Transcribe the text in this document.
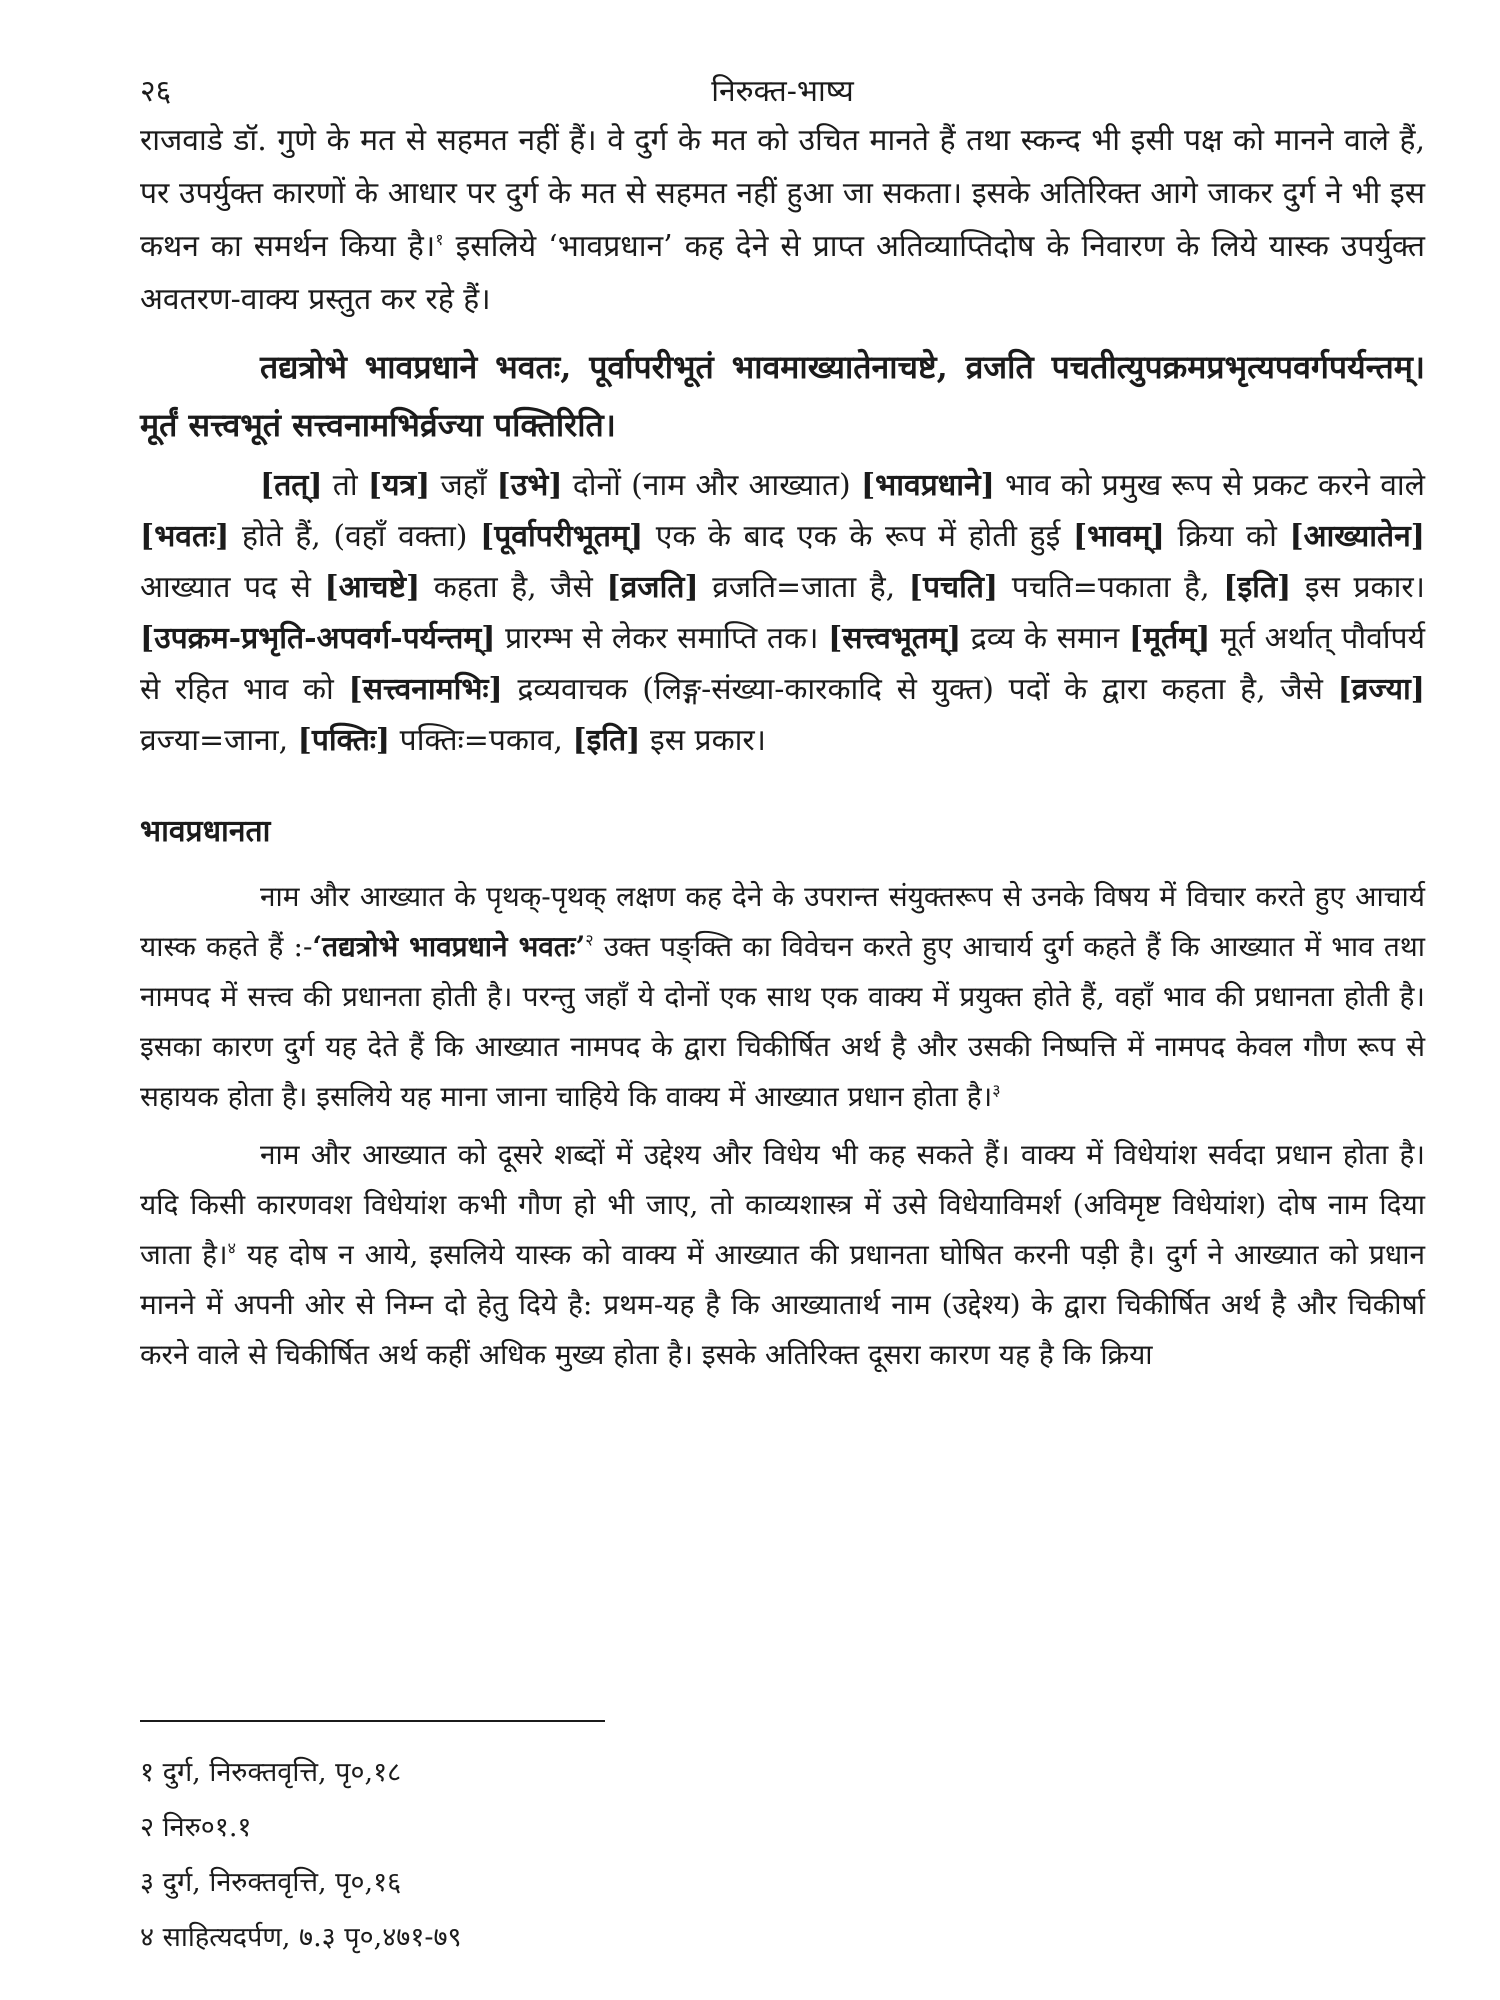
२६	निरुक्त-भाष्य

राजवाडे डॉ. गुणे के मत से सहमत नहीं हैं। वे दुर्ग के मत को उचित मानते हैं तथा स्कन्द भी इसी पक्ष को मानने वाले हैं, पर उपर्युक्त कारणों के आधार पर दुर्ग के मत से सहमत नहीं हुआ जा सकता। इसके अतिरिक्त आगे जाकर दुर्ग ने भी इस कथन का समर्थन किया है।$^१$ इसलिये ‘भावप्रधान’ कह देने से प्राप्त अतिव्याप्तिदोष के निवारण के लिये यास्क उपर्युक्त अवतरण-वाक्य प्रस्तुत कर रहे हैं।

तद्यत्रोभे भावप्रधाने भवतः, पूर्वापरीभूतं भावमाख्यातेनाचष्टे, व्रजति पचतीत्युपक्रमप्रभृत्यपवर्गपर्यन्तम्। मूर्तं सत्त्वभूतं सत्त्वनामभिर्व्रज्या पक्तिरिति।

[तत्] तो [यत्र] जहाँ [उभे] दोनों (नाम और आख्यात) [भावप्रधाने] भाव को प्रमुख रूप से प्रकट करने वाले [भवतः] होते हैं, (वहाँ वक्ता) [पूर्वापरीभूतम्] एक के बाद एक के रूप में होती हुई [भावम्] क्रिया को [आख्यातेन] आख्यात पद से [आचष्टे] कहता है, जैसे [व्रजति] व्रजति=जाता है, [पचति] पचति=पकाता है, [इति] इस प्रकार। [उपक्रम-प्रभृति-अपवर्ग-पर्यन्तम्] प्रारम्भ से लेकर समाप्ति तक। [सत्त्वभूतम्] द्रव्य के समान [मूर्तम्] मूर्त अर्थात् पौर्वापर्य से रहित भाव को [सत्त्वनामभिः] द्रव्यवाचक (लिङ्ग-संख्या-कारकादि से युक्त) पदों के द्वारा कहता है, जैसे [व्रज्या] व्रज्या=जाना, [पक्तिः] पक्तिः=पकाव, [इति] इस प्रकार।

भावप्रधानता

नाम और आख्यात के पृथक्-पृथक् लक्षण कह देने के उपरान्त संयुक्तरूप से उनके विषय में विचार करते हुए आचार्य यास्क कहते हैं :-‘तद्यत्रोभे भावप्रधाने भवतः’$^२$ उक्त पङ्क्ति का विवेचन करते हुए आचार्य दुर्ग कहते हैं कि आख्यात में भाव तथा नामपद में सत्त्व की प्रधानता होती है। परन्तु जहाँ ये दोनों एक साथ एक वाक्य में प्रयुक्त होते हैं, वहाँ भाव की प्रधानता होती है। इसका कारण दुर्ग यह देते हैं कि आख्यात नामपद के द्वारा चिकीर्षित अर्थ है और उसकी निष्पत्ति में नामपद केवल गौण रूप से सहायक होता है। इसलिये यह माना जाना चाहिये कि वाक्य में आख्यात प्रधान होता है।$^३$

नाम और आख्यात को दूसरे शब्दों में उद्देश्य और विधेय भी कह सकते हैं। वाक्य में विधेयांश सर्वदा प्रधान होता है। यदि किसी कारणवश विधेयांश कभी गौण हो भी जाए, तो काव्यशास्त्र में उसे विधेयाविमर्श (अविमृष्ट विधेयांश) दोष नाम दिया जाता है।$^४$ यह दोष न आये, इसलिये यास्क को वाक्य में आख्यात की प्रधानता घोषित करनी पड़ी है। दुर्ग ने आख्यात को प्रधान मानने में अपनी ओर से निम्न दो हेतु दिये है: प्रथम-यह है कि आख्यातार्थ नाम (उद्देश्य) के द्वारा चिकीर्षित अर्थ है और चिकीर्षा करने वाले से चिकीर्षित अर्थ कहीं अधिक मुख्य होता है। इसके अतिरिक्त दूसरा कारण यह है कि क्रिया

१ दुर्ग, निरुक्तवृत्ति, पृ०,१८
२ निरु०१.१
३ दुर्ग, निरुक्तवृत्ति, पृ०,१६
४ साहित्यदर्पण, ७.३ पृ०,४७१-७९
